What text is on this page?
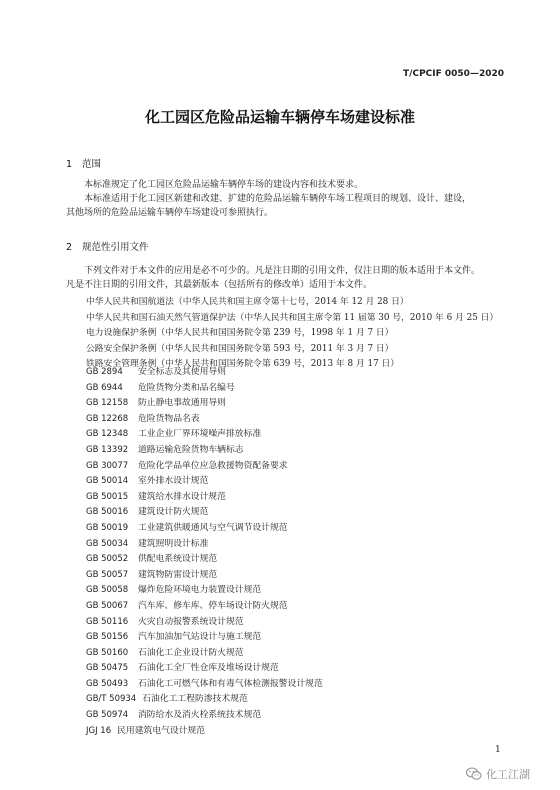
T/CPCIF 0050—2020
化工园区危险品运输车辆停车场建设标准
1 范围
本标准规定了化工园区危险品运输车辆停车场的建设内容和技术要求。
本标准适用于化工园区新建和改建、扩建的危险品运输车辆停车场工程项目的规划、设计、建设，
其他场所的危险品运输车辆停车场建设可参照执行。
2 规范性引用文件
下列文件对于本文件的应用是必不可少的。凡是注日期的引用文件，仅注日期的版本适用于本文件。
凡是不注日期的引用文件，其最新版本（包括所有的修改单）适用于本文件。
中华人民共和国航道法（中华人民共和国主席令第十七号，2014 年 12 月 28 日）
中华人民共和国石油天然气管道保护法（中华人民共和国主席令第 11 届第 30 号，2010 年 6 月 25 日）
电力设施保护条例（中华人民共和国国务院令第 239 号，1998 年 1 月 7 日）
公路安全保护条例（中华人民共和国国务院令第 593 号，2011 年 3 月 7 日）
铁路安全管理条例（中华人民共和国国务院令第 639 号，2013 年 8 月 17 日）
GB 2894 安全标志及其使用导则
GB 6944 危险货物分类和品名编号
GB 12158 防止静电事故通用导则
GB 12268 危险货物品名表
GB 12348 工业企业厂界环境噪声排放标准
GB 13392 道路运输危险货物车辆标志
GB 30077 危险化学品单位应急救援物资配备要求
GB 50014 室外排水设计规范
GB 50015 建筑给水排水设计规范
GB 50016 建筑设计防火规范
GB 50019 工业建筑供暖通风与空气调节设计规范
GB 50034 建筑照明设计标准
GB 50052 供配电系统设计规范
GB 50057 建筑物防雷设计规范
GB 50058 爆炸危险环境电力装置设计规范
GB 50067 汽车库、修车库、停车场设计防火规范
GB 50116 火灾自动报警系统设计规范
GB 50156 汽车加油加气站设计与施工规范
GB 50160 石油化工企业设计防火规范
GB 50475 石油化工全厂性仓库及堆场设计规范
GB 50493 石油化工可燃气体和有毒气体检测报警设计规范
GB/T 50934 石油化工工程防渗技术规范
GB 50974 消防给水及消火栓系统技术规范
JGJ 16 民用建筑电气设计规范
1
化工江湖
